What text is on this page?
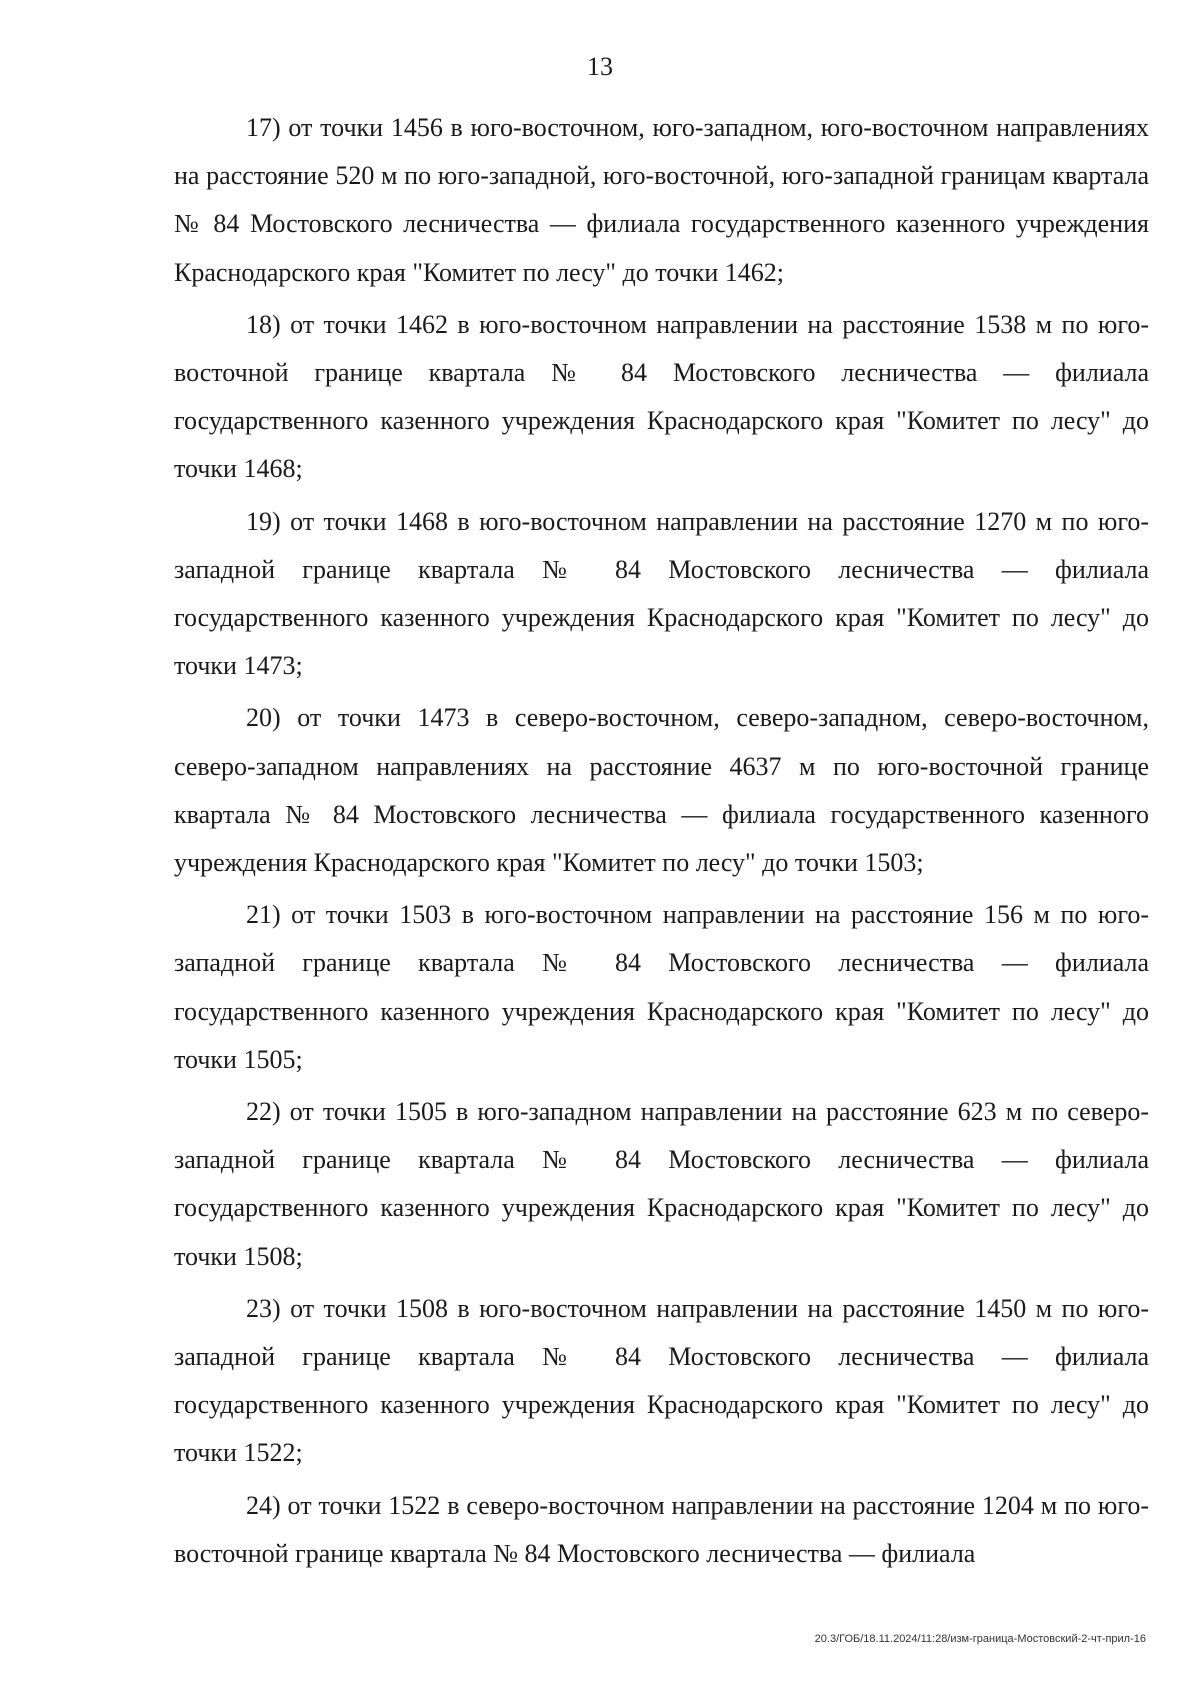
13

17) от точки 1456 в юго-восточном, юго-западном, юго-восточном направлениях на расстояние 520 м по юго-западной, юго-восточной, юго-западной границам квартала № 84 Мостовского лесничества — филиала государственного казенного учреждения Краснодарского края "Комитет по лесу" до точки 1462;

18) от точки 1462 в юго-восточном направлении на расстояние 1538 м по юго-восточной границе квартала № 84 Мостовского лесничества — филиала государственного казенного учреждения Краснодарского края "Комитет по лесу" до точки 1468;

19) от точки 1468 в юго-восточном направлении на расстояние 1270 м по юго-западной границе квартала № 84 Мостовского лесничества — филиала государственного казенного учреждения Краснодарского края "Комитет по лесу" до точки 1473;

20) от точки 1473 в северо-восточном, северо-западном, северо-восточном, северо-западном направлениях на расстояние 4637 м по юго-восточной границе квартала № 84 Мостовского лесничества — филиала государственного казенного учреждения Краснодарского края "Комитет по лесу" до точки 1503;

21) от точки 1503 в юго-восточном направлении на расстояние 156 м по юго-западной границе квартала № 84 Мостовского лесничества — филиала государственного казенного учреждения Краснодарского края "Комитет по лесу" до точки 1505;

22) от точки 1505 в юго-западном направлении на расстояние 623 м по северо-западной границе квартала № 84 Мостовского лесничества — филиала государственного казенного учреждения Краснодарского края "Комитет по лесу" до точки 1508;

23) от точки 1508 в юго-восточном направлении на расстояние 1450 м по юго-западной границе квартала № 84 Мостовского лесничества — филиала государственного казенного учреждения Краснодарского края "Комитет по лесу" до точки 1522;

24) от точки 1522 в северо-восточном направлении на расстояние 1204 м по юго-восточной границе квартала № 84 Мостовского лесничества — филиала

20.3/ГОБ/18.11.2024/11:28/изм-граница-Мостовский-2-чт-прил-16
